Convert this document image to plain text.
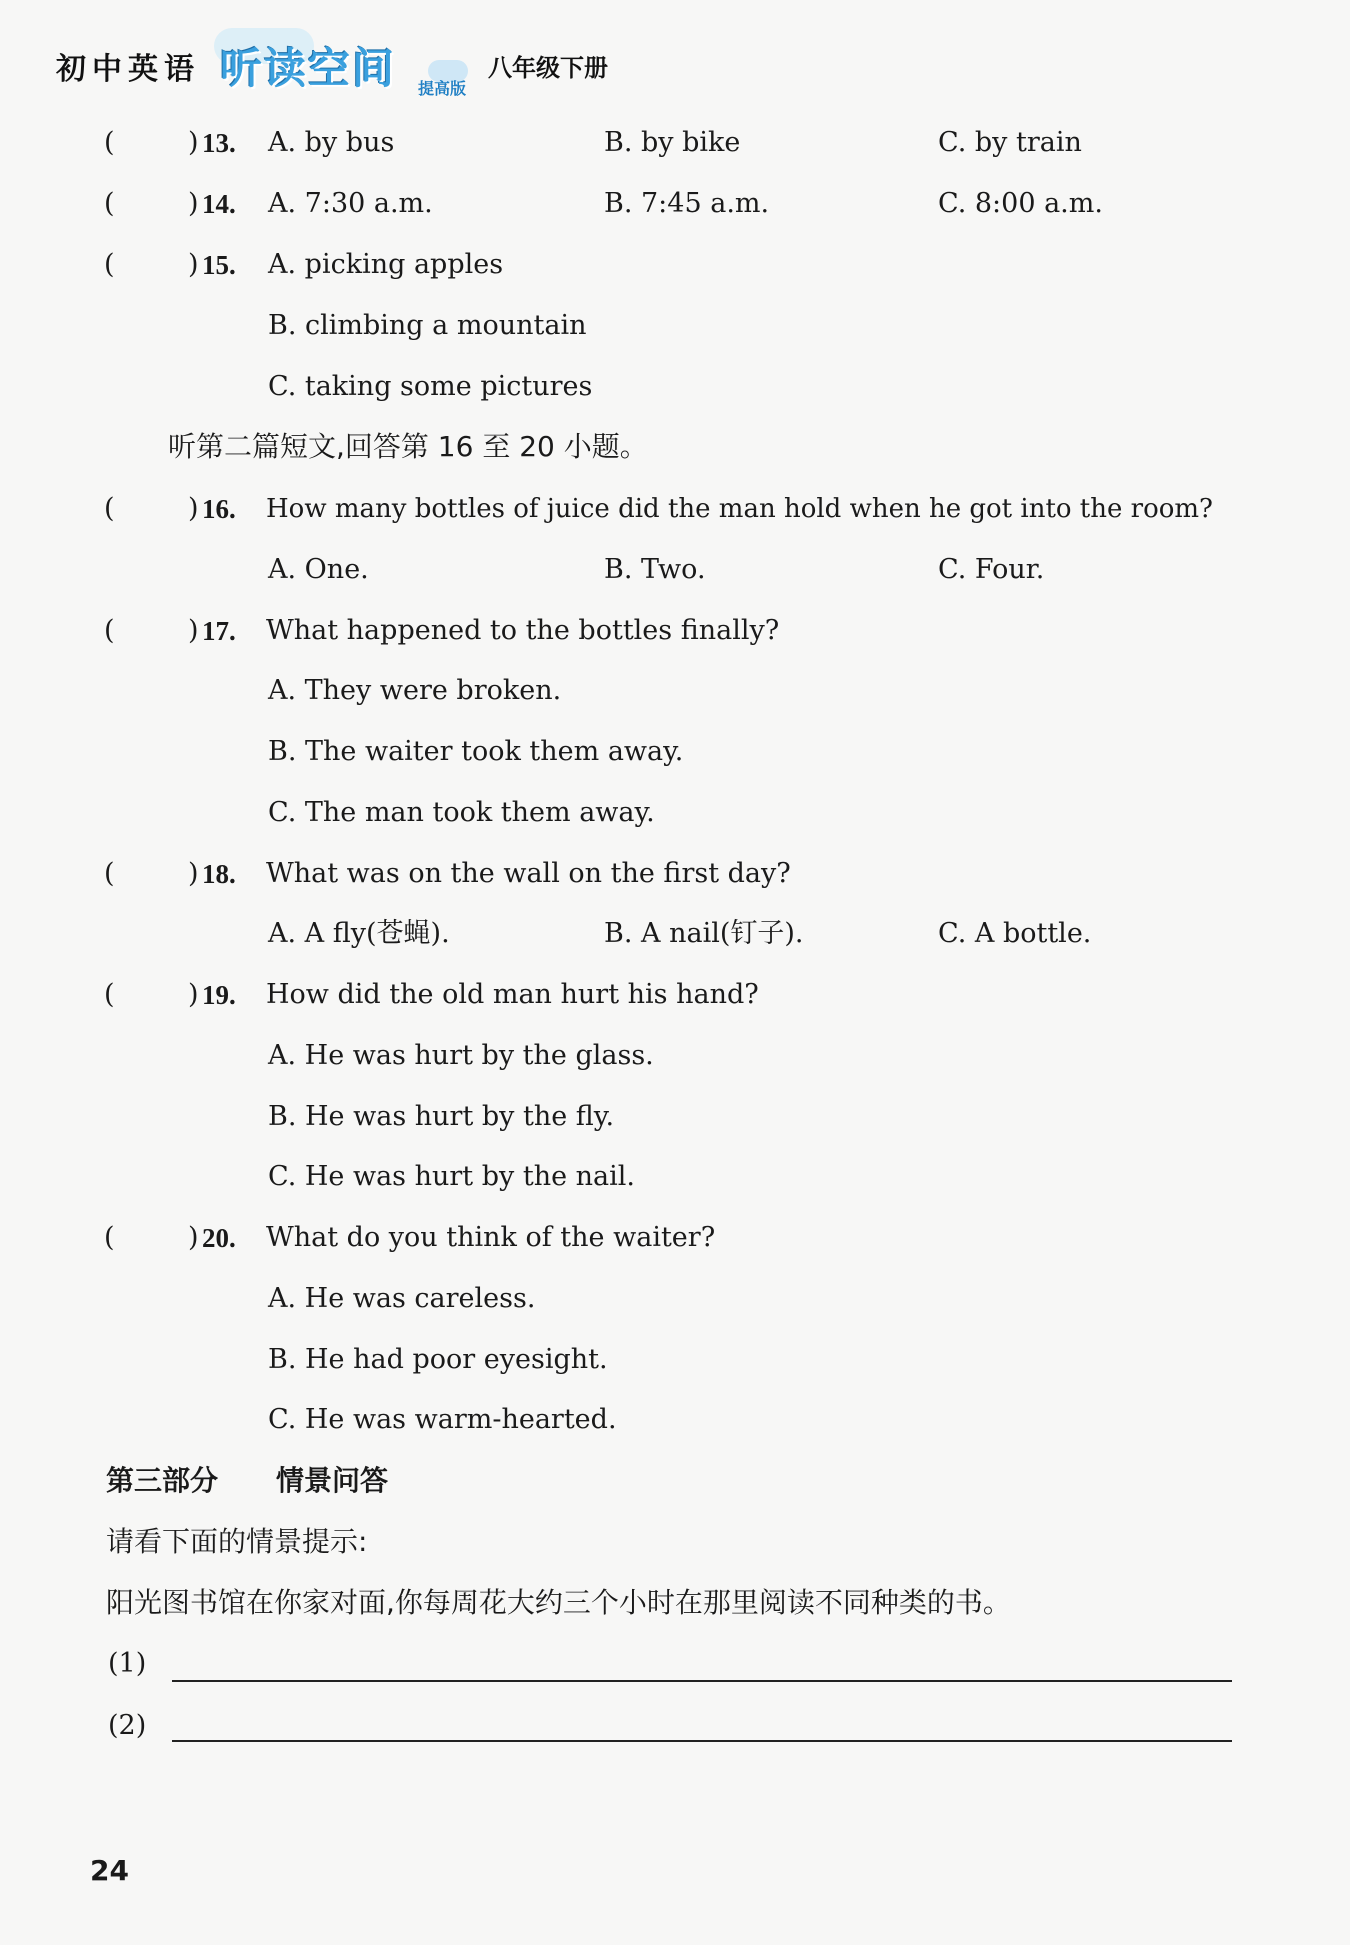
初中英语 听读空间 提高版
八年级下册
(	) 13. A. by bus	B. by bike	C. by train
(	) 14. A. 7:30 a.m.	B. 7:45 a.m.	C. 8:00 a.m.
(	) 15. A. picking apples
B. climbing a mountain
C. taking some pictures
听第二篇短文,回答第 16 至 20 小题。
(	) 16. How many bottles of juice did the man hold when he got into the room?
A. One.	B. Two.	C. Four.
(	) 17. What happened to the bottles finally?
A. They were broken.
B. The waiter took them away.
C. The man took them away.
(	) 18. What was on the wall on the first day?
A. A fly(苍蝇).	B. A nail(钉子).	C. A bottle.
(	) 19. How did the old man hurt his hand?
A. He was hurt by the glass.
B. He was hurt by the fly.
C. He was hurt by the nail.
(	) 20. What do you think of the waiter?
A. He was careless.
B. He had poor eyesight.
C. He was warm-hearted.
第三部分 情景问答
请看下面的情景提示:
阳光图书馆在你家对面,你每周花大约三个小时在那里阅读不同种类的书。
(1)
(2)
24
